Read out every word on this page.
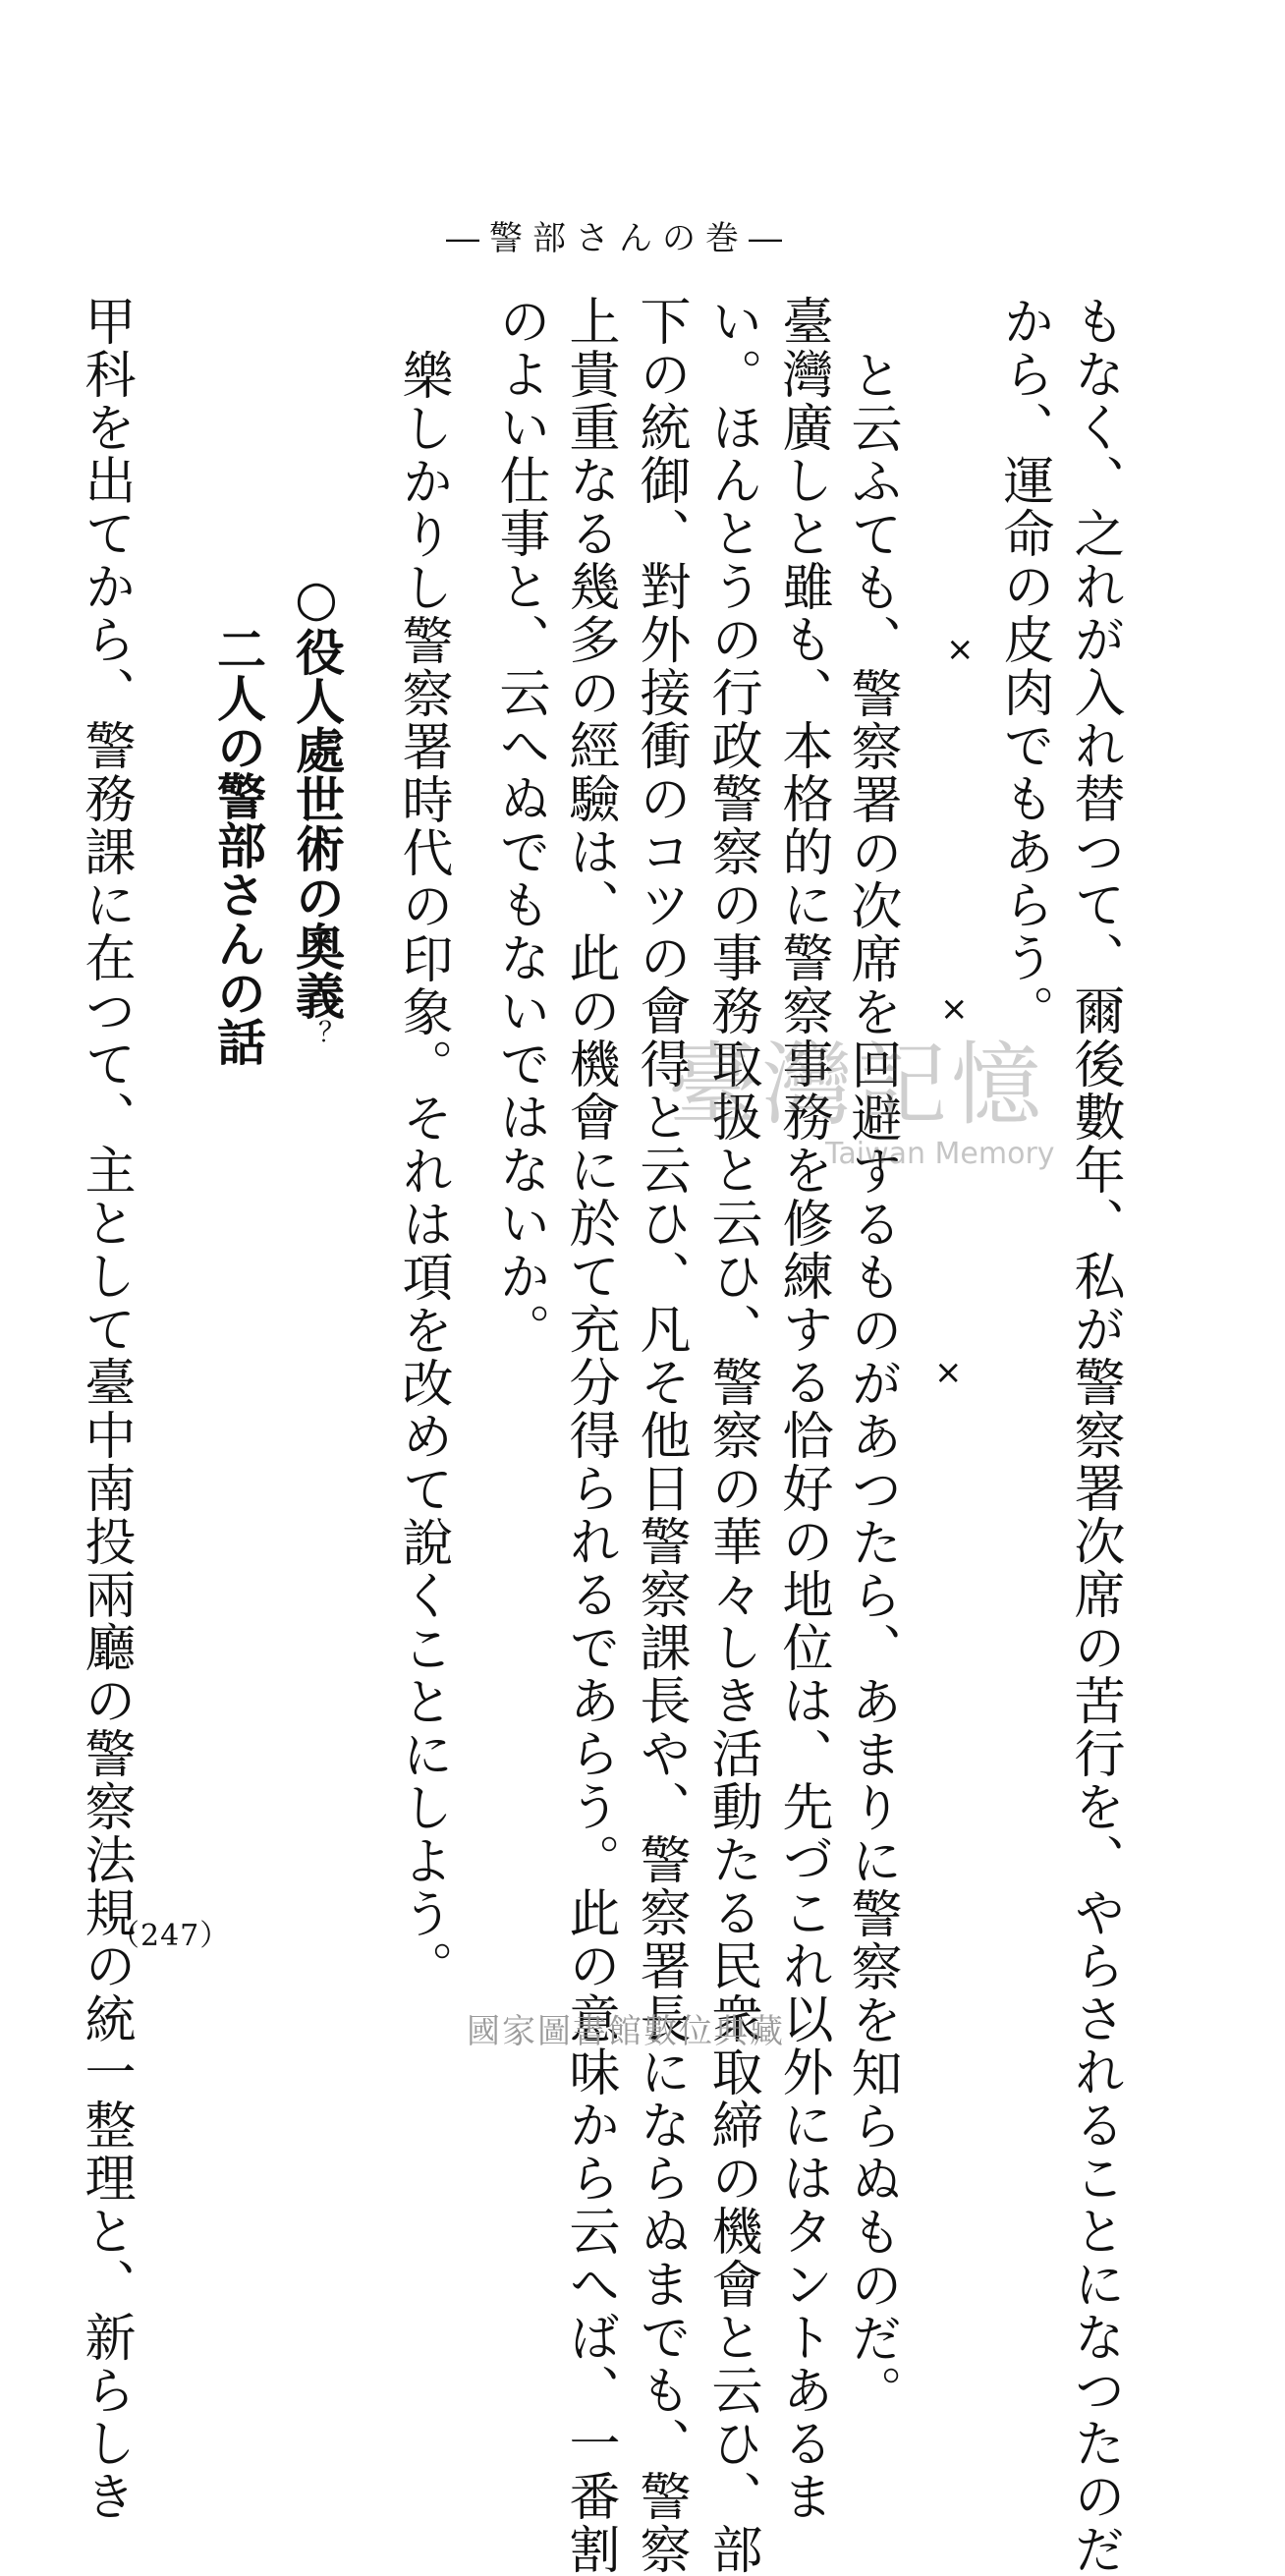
―警部さんの巻―
もなく、之れが入れ替つて、爾後數年、私が警察署次席の苦行を、やらされることになつたのだ
から、運命の皮肉でもあらう。
×
×
×
と云ふても、警察署の次席を回避するものがあつたら、あまりに警察を知らぬものだ。
臺灣廣しと雖も、本格的に警察事務を修練する恰好の地位は、先づこれ以外にはタントあるま
い。ほんとうの行政警察の事務取扱と云ひ、警察の華々しき活動たる民衆取締の機會と云ひ、部
下の統御、對外接衝のコツの會得と云ひ、凡そ他日警察課長や、警察署長にならぬまでも、警察
上貴重なる幾多の經驗は、此の機會に於て充分得られるであらう。此の意味から云へば、一番割
のよい仕事と、云へぬでもないではないか。
樂しかりし警察署時代の印象。それは項を改めて說くことにしよう。
○役人處世術の奧義？
二人の警部さんの話
甲科を出てから、警務課に在つて、主として臺中南投兩廳の警察法規の統一整理と、新らしき
（247）
臺灣記憶
Taiwan Memory
國家圖書館數位典藏
